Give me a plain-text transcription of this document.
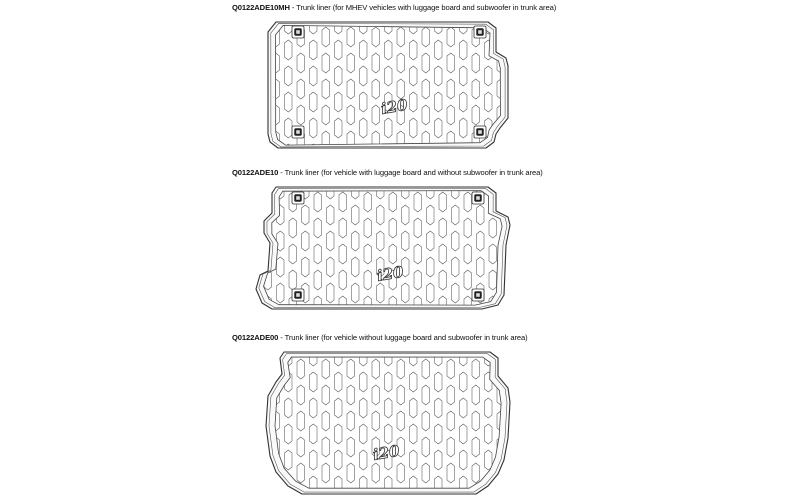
Q0122ADE10MH - Trunk liner (for MHEV vehicles with luggage board and subwoofer in trunk area)
i20
Q0122ADE10 - Trunk liner (for vehicle with luggage board and without subwoofer in trunk area)
i20
Q0122ADE00 - Trunk liner (for vehicle without luggage board and subwoofer in trunk area)
i20
